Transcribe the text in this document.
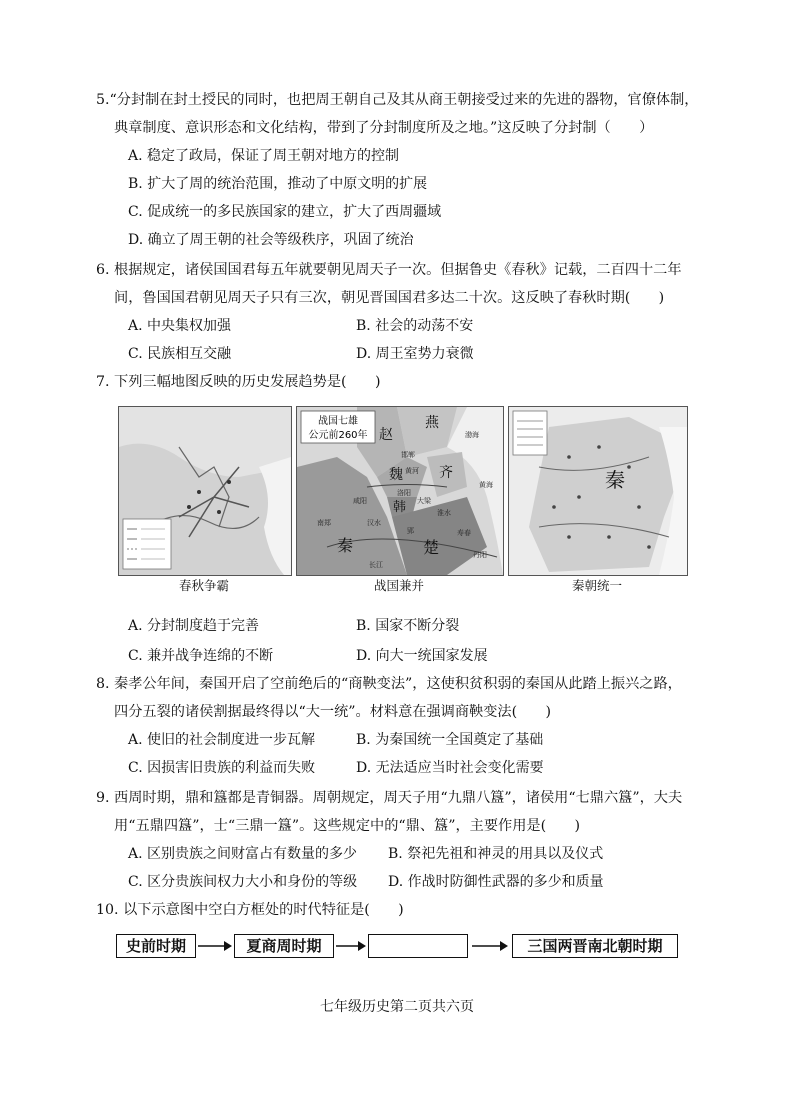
5.“分封制在封土授民的同时，也把周王朝自己及其从商王朝接受过来的先进的器物，官僚体制，
典章制度、意识形态和文化结构，带到了分封制度所及之地。”这反映了分封制（　　）
A. 稳定了政局，保证了周王朝对地方的控制
B. 扩大了周的统治范围，推动了中原文明的扩展
C. 促成统一的多民族国家的建立，扩大了西周疆域
D. 确立了周王朝的社会等级秩序，巩固了统治
6. 根据规定，诸侯国国君每五年就要朝见周天子一次。但据鲁史《春秋》记载，二百四十二年
间，鲁国国君朝见周天子只有三次，朝见晋国国君多达二十次。这反映了春秋时期(　　)
A. 中央集权加强	B. 社会的动荡不安
C. 民族相互交融	D. 周王室势力衰微
7. 下列三幅地图反映的历史发展趋势是(　　)
春秋争霸
战国七雄
公元前260年 赵
燕
齐
魏
韩
秦	楚
邯郸
洛阳
大梁
郢
南郑
咸阳
汉水
黄河
渤海
黄海
淮水
寿春
丹阳
长江
战国兼并
秦
秦朝统一
A. 分封制度趋于完善	B. 国家不断分裂
C. 兼并战争连绵的不断	D. 向大一统国家发展
8. 秦孝公年间，秦国开启了空前绝后的“商鞅变法”，这使积贫积弱的秦国从此踏上振兴之路，
四分五裂的诸侯割据最终得以“大一统”。材料意在强调商鞅变法(　　)
A. 使旧的社会制度进一步瓦解	B. 为秦国统一全国奠定了基础
C. 因损害旧贵族的利益而失败	D. 无法适应当时社会变化需要
9. 西周时期，鼎和簋都是青铜器。周朝规定，周天子用“九鼎八簋”，诸侯用“七鼎六簋”，大夫
用“五鼎四簋”，士“三鼎一簋”。这些规定中的“鼎、簋”，主要作用是(　　)
A. 区别贵族之间财富占有数量的多少 B. 祭祀先祖和神灵的用具以及仪式
C. 区分贵族间权力大小和身份的等级 D. 作战时防御性武器的多少和质量
10. 以下示意图中空白方框处的时代特征是(　　)
史前时期	夏商周时期	三国两晋南北朝时期
七年级历史第二页共六页
